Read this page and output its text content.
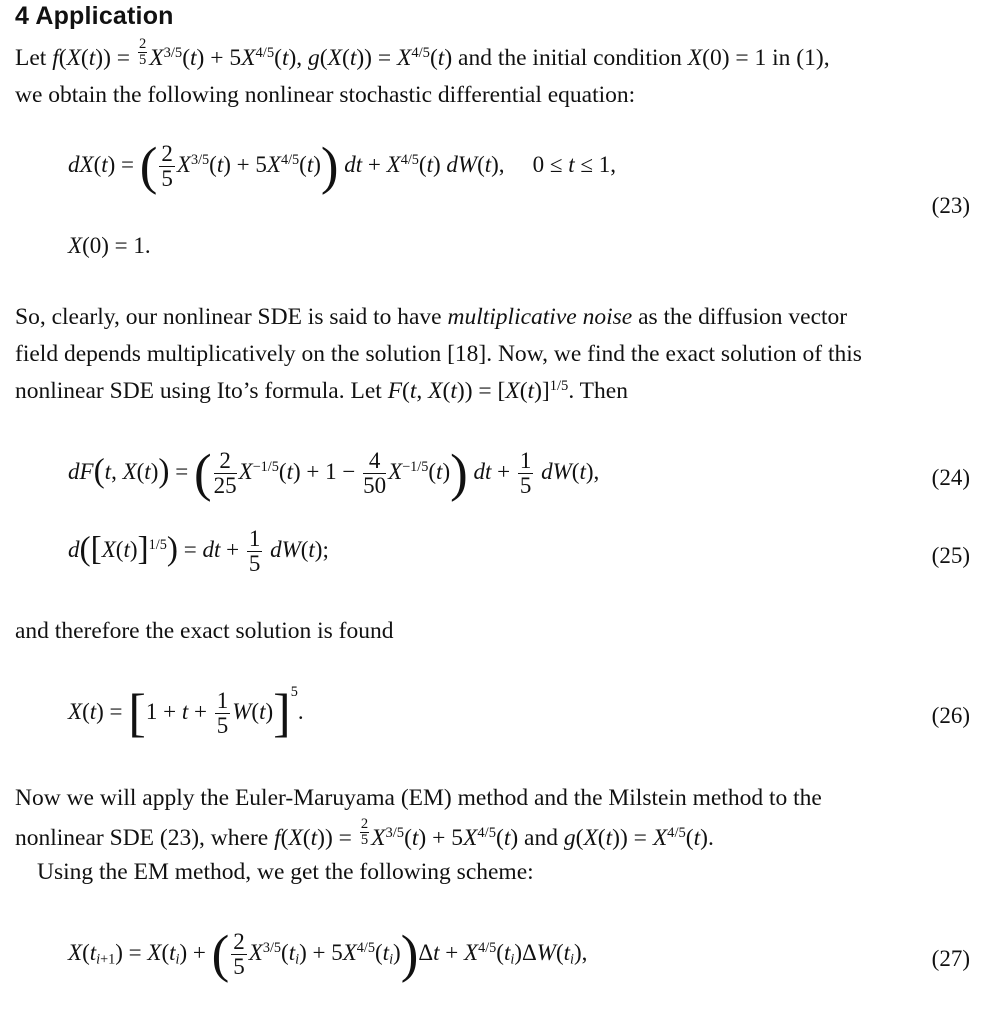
4 Application
Let $f(X(t)) = \frac{2}{5} X^{3/5}(t) + 5X^{4/5}(t)$, $g(X(t)) = X^{4/5}(t)$ and the initial condition X(0) = 1 in (1),
we obtain the following nonlinear stochastic differential equation:
dX(t) = ( $\frac{2}{5} X^{3/5}(t) + 5X^{4/5}(t)$) dt + $X^{4/5}(t)$ dW(t), 0 ≤ t ≤ 1,
(23)
X(0) = 1.
So, clearly, our nonlinear SDE is said to have multiplicative noise as the diffusion vector
field depends multiplicatively on the solution [18]. Now, we find the exact solution of this
nonlinear SDE using Ito’s formula. Let F(t, $X(t)) = [X(t)]^{1/5}$. Then
dF(t, X(t)) = ( $\frac{2}{25} X^{-1/5}(t) + 1 - \frac{4}{50} X^{-1/5}(t)$) dt + $\frac{1}{5} dW(t)$,	(24)
$d([X(t)]^{1/5})$ = dt + $\frac{1}{5} dW(t)$;	(25)
and therefore the exact solution is found
$X(t) = [1 + t + \frac{1}{5} W(t)]^5$.	(26)
Now we will apply the Euler-Maruyama (EM) method and the Milstein method to the
nonlinear SDE (23), where $f(X(t)) = \frac{2}{5} X^{3/5}(t) + 5X^{4/5}(t)$ and $g(X(t)) = X^{4/5}(t)$.
Using the EM method, we get the following scheme:
$X(t_{i+1}) = X(t_i)$ + ( $\frac{2}{5} X^{3/5}(t_i) + 5X^{4/5}(t_i))\Delta t + X^{4/5}(t_i)\Delta W(t_i)$,	(27)
